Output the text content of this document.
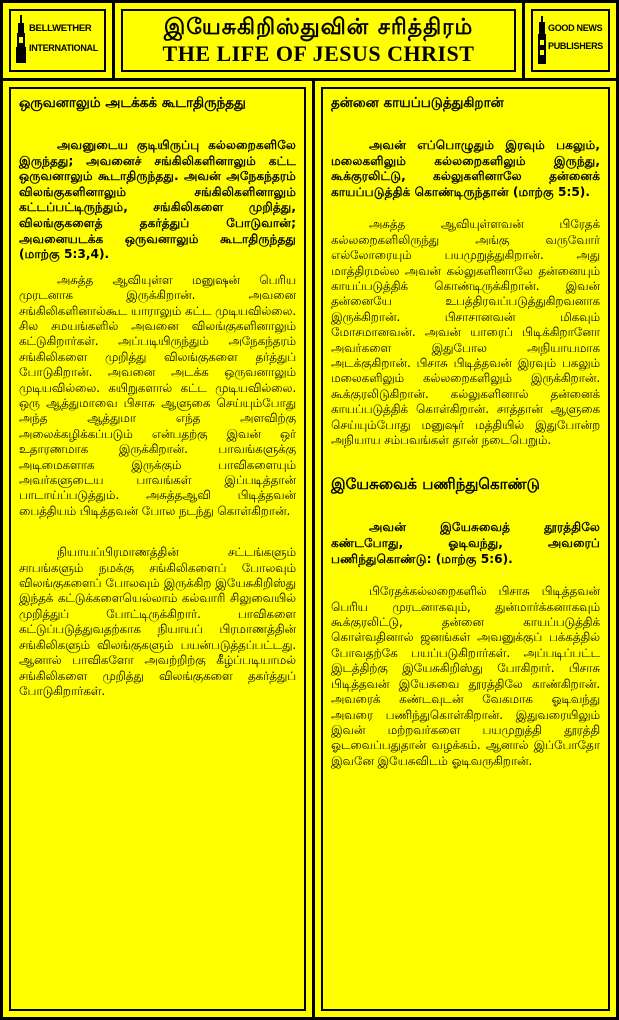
BELLWETHER
INTERNATIONAL
இயேசுகிறிஸ்துவின் சரித்திரம்
THE LIFE OF JESUS CHRIST
GOOD NEWS
PUBLISHERS
ஒருவனாலும் அடக்கக் கூடாதிருந்தது
அவனுடைய குடியிருப்பு கல்லறைகளிலே இருந்தது; அவனைச் சங்கிலிகளினாலும் கட்ட ஒருவனாலும் கூடாதிருந்தது. அவன் அநேகந்தரம் விலங்குகளினாலும் சங்கிலிகளினாலும் கட்டப்பட்டிருந்தும், சங்கிலிகளை முறித்து, விலங்குகளைத் தகர்த்துப் போடுவான்; அவனையடக்க ஒருவனாலும் கூடாதிருந்தது (மாற்கு 5:3,4).
அசுத்த ஆவியுள்ள மனுஷன் பெரிய முரடனாக இருக்கிறான். அவனை சங்கிலிகளினால்கூட யாராலும் கட்ட முடியவில்லை. சில சமயங்களில் அவனை விலங்குகளினாலும் கட்டுகிறார்கள். அப்படியிருந்தும் அநேகந்தரம் சங்கிலிகளை முறித்து விலங்குகளை தர்த்துப் போடுகிறான். அவனை அடக்க ஒருவனாலும் முடியவில்லை. கயிறுகளால் கட்ட முடியவில்லை. ஒரு ஆத்துமாவை பிசாசு ஆளுகை செய்யும்போது அந்த ஆத்துமா எந்த அளவிற்கு அலைக்கழிக்கப்படும் என்பதற்கு இவன் ஒர் உதாரணமாக இருக்கிறான். பாவங்களுக்கு அடிமைகளாக இருக்கும் பாவிகளையும் அவர்களுடைய பாவங்கள் இப்படித்தான் பாடாய்ப்படுத்தும். அசுத்தஆவி பிடித்தவன் பைத்தியம் பிடித்தவன் போல நடந்து கொள்கிறான்.
நியாயப்பிரமாணத்தின் சட்டங்களும் சாபங்களும் நமக்கு சங்கிலிகளைப் போலவும் விலங்குகளைப் போலவும் இருக்கிற இயேசுகிறிஸ்து இந்தக் கட்டுக்களையெல்லாம் கல்வாரி சிலுவையில் முறித்துப் போட்டிருக்கிறார். பாவிகளை கட்டுப்படுத்துவதற்காக நியாயப் பிரமாணத்தின் சங்கிலிகளும் விலங்குகளும் பயன்படுத்தப்பட்டது. ஆனால் பாவிகளோ அவற்றிற்கு கீழ்ப்படியாமல் சங்கிலிகளை முறித்து விலங்குகளை தகர்த்துப் போடுகிறார்கள்.
தன்னை காயப்படுத்துகிறான்
அவன் எப்பொழுதும் இரவும் பகலும், மலைகளிலும் கல்லறைகளிலும் இருந்து, கூக்குரலிட்டு, கல்லுகளினாலே தன்னைக் காயப்படுத்திக் கொண்டிருந்தான் (மாற்கு 5:5).
அசுத்த ஆவியுள்ளவன் பிரேதக் கல்லறைகளிலிருந்து அங்கு வருவோர் எல்லோரையும் பயமுறுத்துகிறான். அது மாத்திரமல்ல அவன் கல்லுகளினாலே தன்னையும் காயப்படுத்திக் கொண்டிருக்கிறான். இவன் தன்னையே உபத்திரவப்படுத்துகிறவனாக இருக்கிறான். பிசாசானவன் மிகவும் மோசமானவன். அவன் யாரைப் பிடிக்கிறானோ அவர்களை இதுபோல அநியாயமாக அடக்குகிறான். பிசாசு பிடித்தவன் இரவும் பகலும் மலைகளிலும் கல்லறைகளிலும் இருக்கிறான். கூக்குரலிடுகிறான். கல்லுகளினால் தன்னைக் காயப்படுத்திக் கொள்கிறான். சாத்தான் ஆளுகை செய்யும்போது மனுஷர் மத்தியில் இதுபோன்ற அநியாய சம்பவங்கள் தான் நடைபெறும்.
இயேசுவைக் பணிந்துகொண்டு
அவன் இயேசுவைத் தூரத்திலே கண்டபோது, ஓடிவந்து, அவரைப் பணிந்துகொண்டு: (மாற்கு 5:6).
பிரேதக்கல்லறைகளில் பிசாசு பிடித்தவன் பெரிய முரடனாகவும், துன்மார்க்கனாகவும் கூக்குரலிட்டு, தன்னை காயப்படுத்திக் கொள்வதினால் ஜனங்கள் அவனுக்குப் பக்கத்தில் போவதற்கே பயப்படுகிறார்கள். அப்படிப்பட்ட இடத்திற்கு இயேசுகிறிஸ்து போகிறார். பிசாசு பிடித்தவன் இயேசுவை தூரத்திலே காண்கிறான். அவரைக் கண்டவுடன் வேகமாக ஓடிவந்து அவரை பணிந்துகொள்கிறான். இதுவரையிலும் இவன் மற்றவர்களை பயமுறுத்தி தூரத்தி ஓடவைப்பதுதான் வழக்கம். ஆனால் இப்போதோ இவனே இயேசுவிடம் ஓடிவருகிறான்.
